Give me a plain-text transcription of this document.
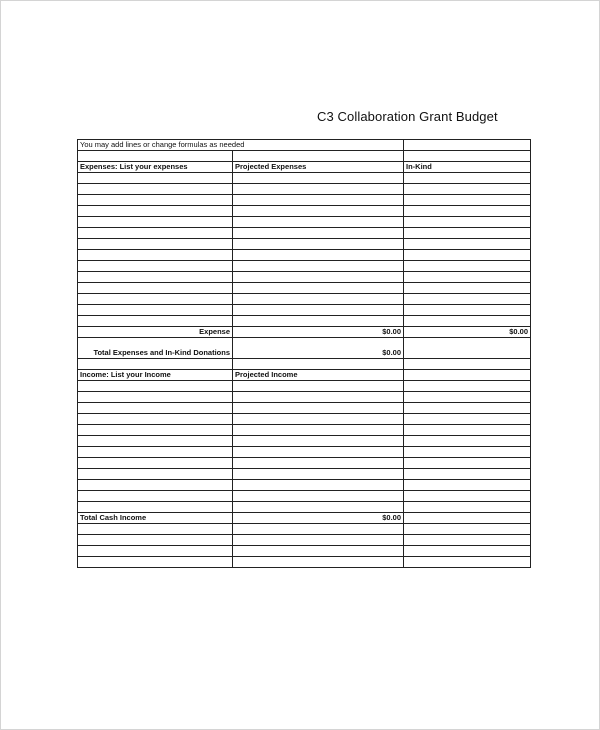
C3 Collaboration Grant Budget
You may add lines or change formulas as needed		

Expenses: List your expenses	Projected Expenses	In-Kind

Expense	$0.00	$0.00
Total Expenses and In-Kind Donations	$0.00	

Income: List your Income	Projected Income	

Total Cash Income	$0.00	
